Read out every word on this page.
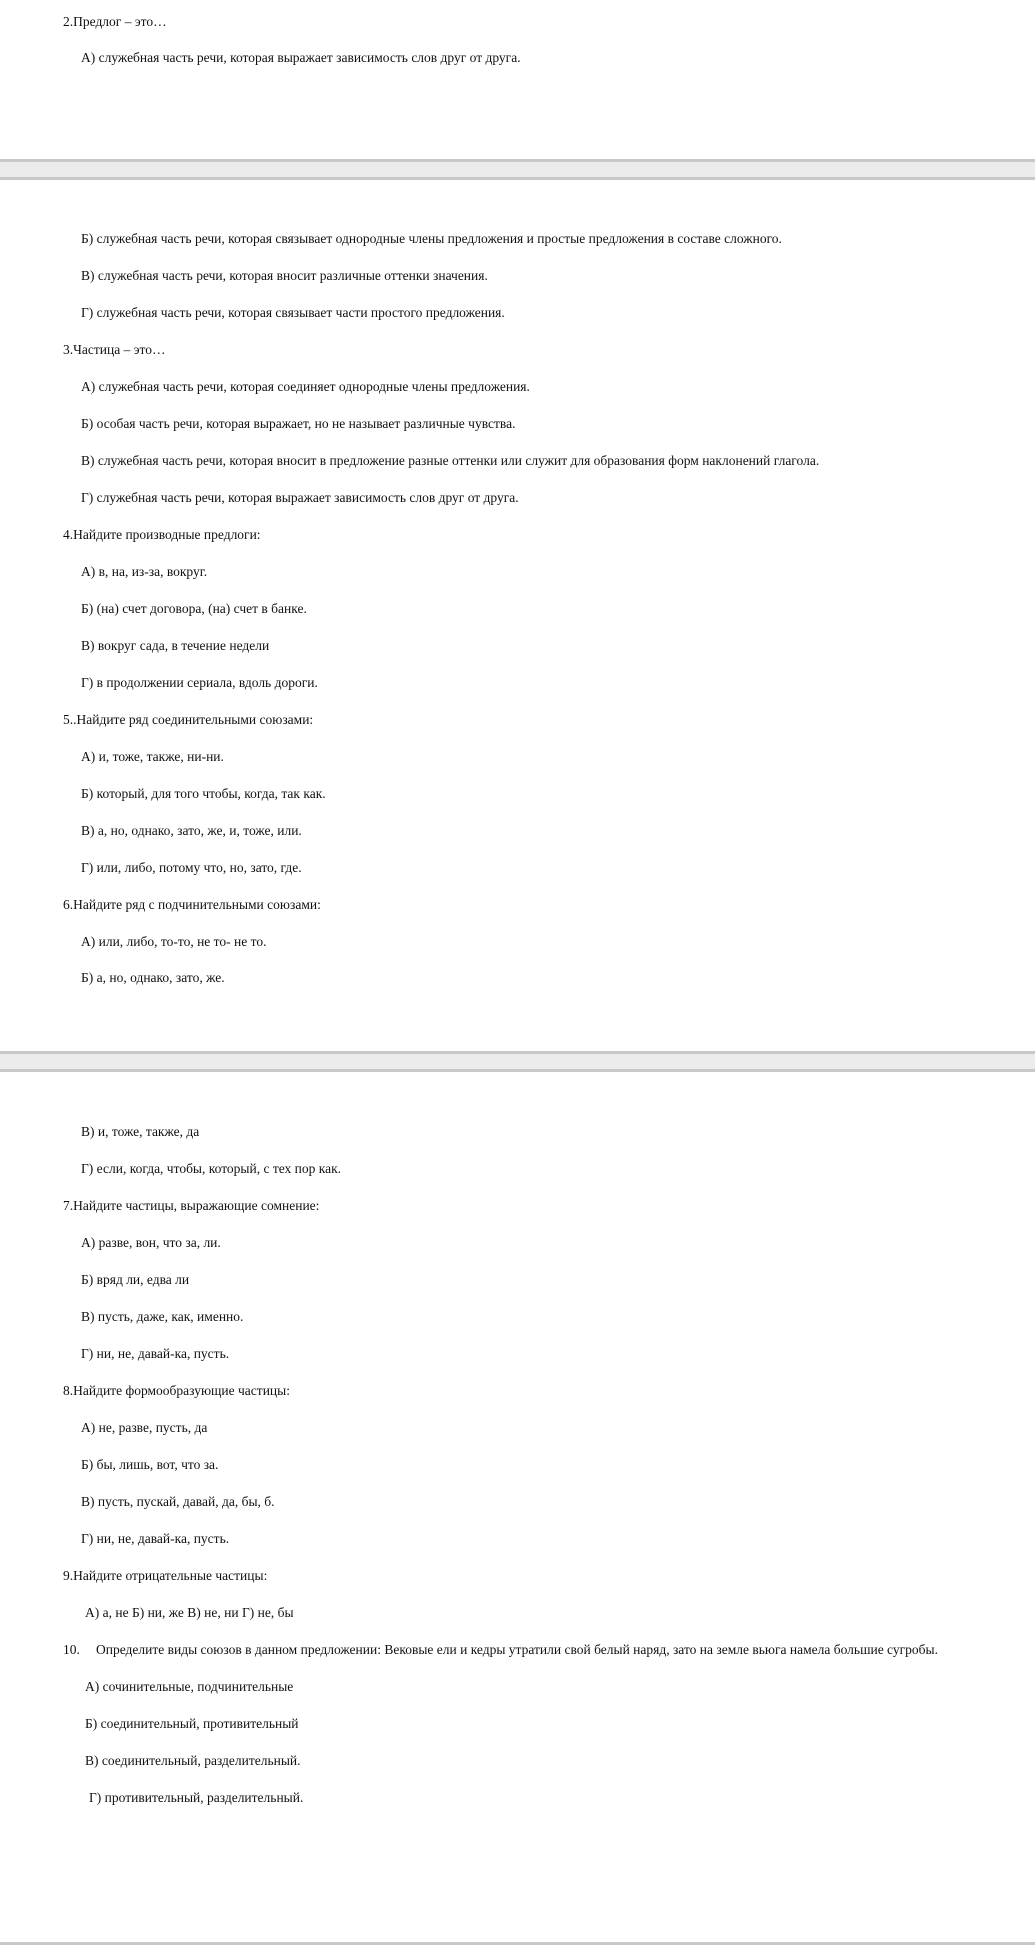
2.Предлог – это…
А) служебная часть речи, которая выражает зависимость слов друг от друга.
Б) служебная часть речи, которая связывает однородные члены предложения и простые предложения в составе сложного.
В) служебная часть речи, которая вносит различные оттенки значения.
Г) служебная часть речи, которая связывает части простого предложения.
3.Частица – это…
А) служебная часть речи, которая соединяет однородные члены предложения.
Б) особая часть речи, которая выражает, но не называет различные чувства.
В) служебная часть речи, которая вносит в предложение разные оттенки или служит для образования форм наклонений глагола.
Г) служебная часть речи, которая выражает зависимость слов друг от друга.
4.Найдите производные предлоги:
А) в, на, из-за, вокруг.
Б) (на) счет договора, (на) счет в банке.
В) вокруг сада, в течение недели
Г) в продолжении сериала, вдоль дороги.
5..Найдите ряд соединительными союзами:
А) и, тоже, также, ни-ни.
Б) который, для того чтобы, когда, так как.
В) а, но, однако, зато, же, и, тоже, или.
Г) или, либо, потому что, но, зато, где.
6.Найдите ряд с подчинительными союзами:
А) или, либо, то-то, не то- не то.
Б) а, но, однако, зато, же.
В) и, тоже, также, да
Г) если, когда, чтобы, который, с тех пор как.
7.Найдите частицы, выражающие сомнение:
А) разве, вон, что за, ли.
Б) вряд ли, едва ли
В) пусть, даже, как, именно.
Г) ни, не, давай-ка, пусть.
8.Найдите формообразующие частицы:
А) не, разве, пусть, да
Б) бы, лишь, вот, что за.
В) пусть, пускай, давай, да, бы, б.
Г) ни, не, давай-ка, пусть.
9.Найдите отрицательные частицы:
А) а, не Б) ни, же В) не, ни Г) не, бы
10. Определите виды союзов в данном предложении: Вековые ели и кедры утратили свой белый наряд, зато на земле вьюга намела большие сугробы.
А) сочинительные, подчинительные
Б) соединительный, противительный
В) соединительный, разделительный.
Г) противительный, разделительный.
